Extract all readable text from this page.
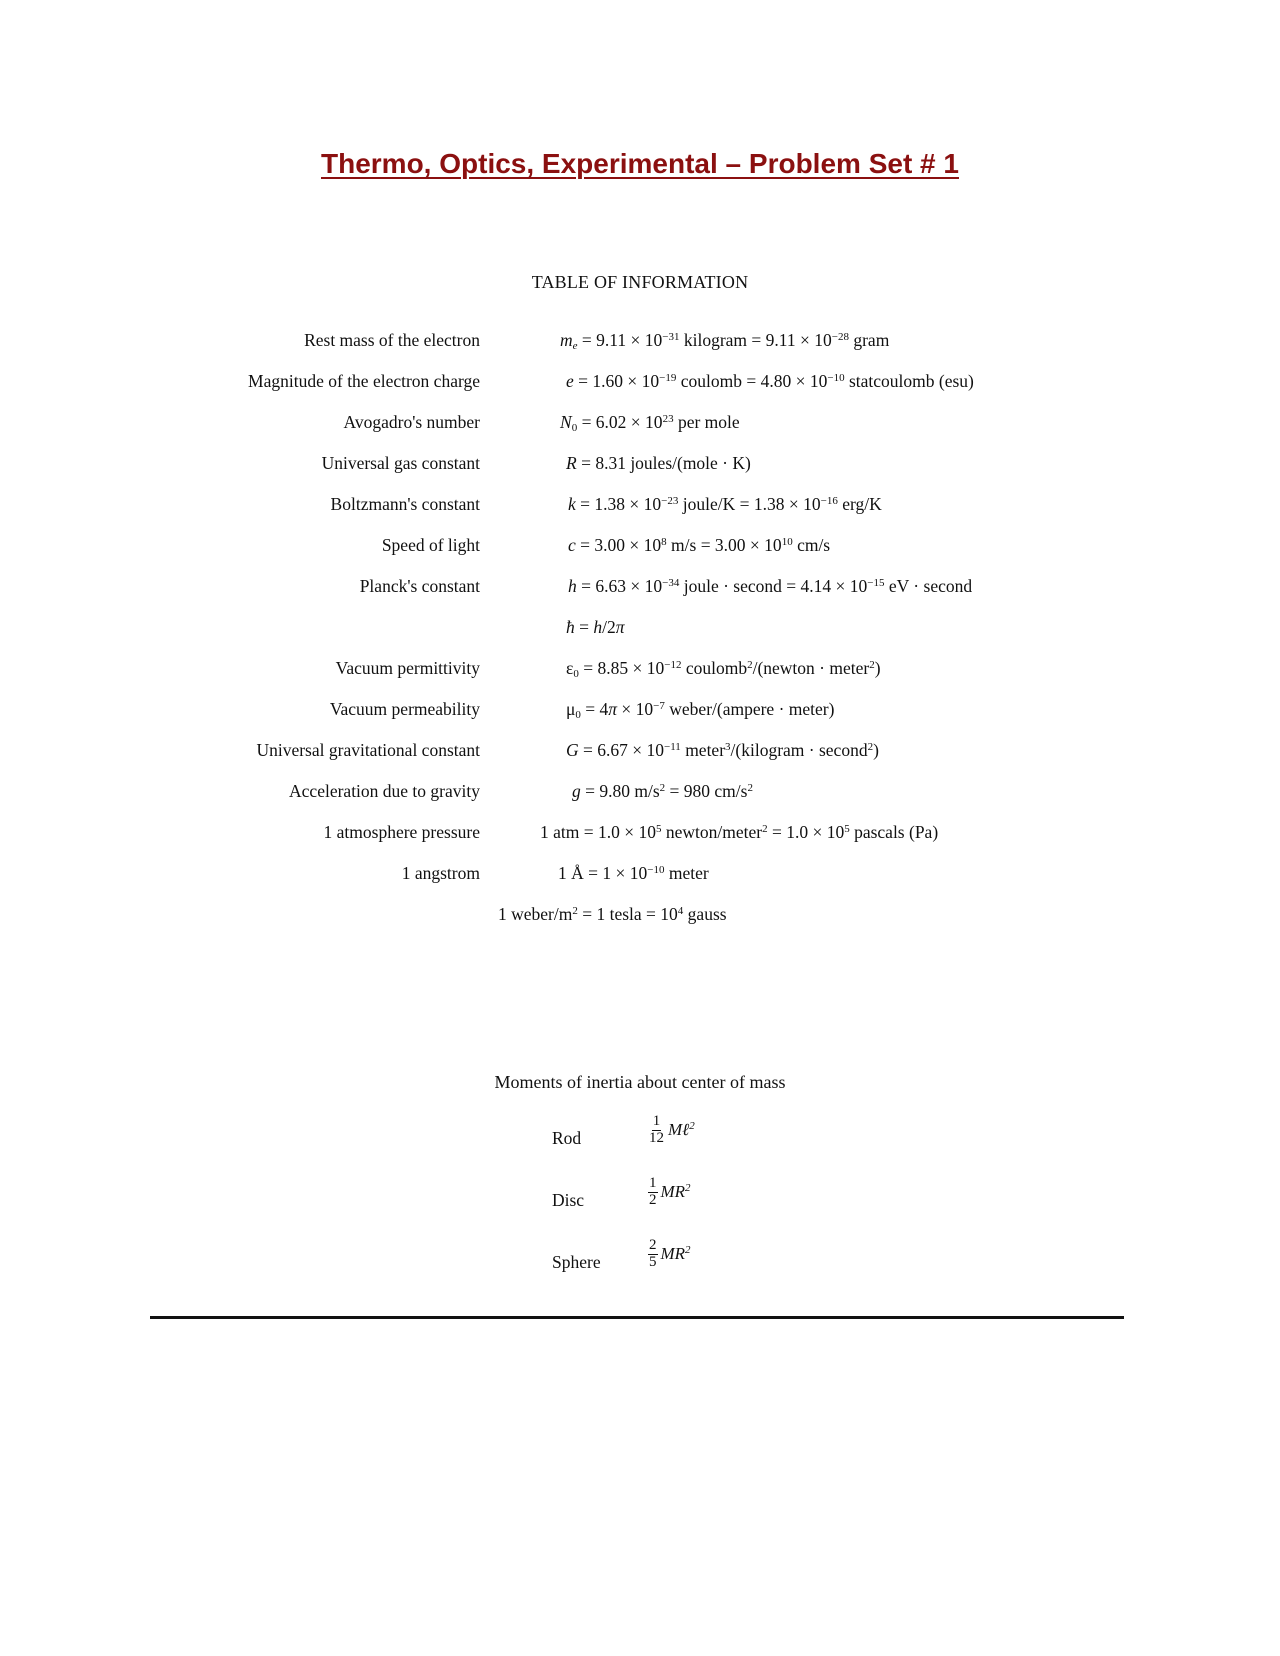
Thermo, Optics, Experimental – Problem Set # 1
TABLE OF INFORMATION
Rest mass of the electron	$m_e = 9.11 \times 10^{-31}$ kilogram = $9.11 \times 10^{-28}$ gram
Magnitude of the electron charge	$e = 1.60 \times 10^{-19}$ coulomb = $4.80 \times 10^{-10}$ statcoulomb (esu)
Avogadro's number	$N_0 = 6.02 \times 10^{23}$ per mole
Universal gas constant	R = 8.31 joules/(mole · K)
Boltzmann's constant	$k = 1.38 \times 10^{-23}$ joule/K = $1.38 \times 10^{-16}$ erg/K
Speed of light	$c = 3.00 \times 10^8$ $m/s = 3.00 \times 10^{10}$ cm/s
Planck's constant	$h = 6.63 \times 10^{-34}$ joule · second = $4.14 \times 10^{-15}$ eV · second
ħ = h/2π
Vacuum permittivity	$\varepsilon_0 = 8.85 \times 10^{-12}$ coulomb$^2$/(newton · meter$^2$)
Vacuum permeability	$\mu_0 = 4\pi \times 10^{-7}$ weber/(ampere · meter)
Universal gravitational constant	$G = 6.67 \times 10^{-11}$ meter$^3$/(kilogram · second$^2$)
Acceleration due to gravity	g = 9.80 $m/s^2 = 980$ $cm/s^2$
1 atmosphere pressure	1 atm = $1.0 \times 10^5$ newton/meter$^2$ = $1.0 \times 10^5$ pascals (Pa)
1 angstrom	1 Å = $1 \times 10^{-10}$ meter
1 weber/$m^2 = 1$ tesla = $10^4$ gauss
Moments of inertia about center of mass
Rod	$\frac{1}{12}$ Mℓ$^2$
Disc	$\frac{1}{2} MR^2$
Sphere	$\frac{2}{5} MR^2$
